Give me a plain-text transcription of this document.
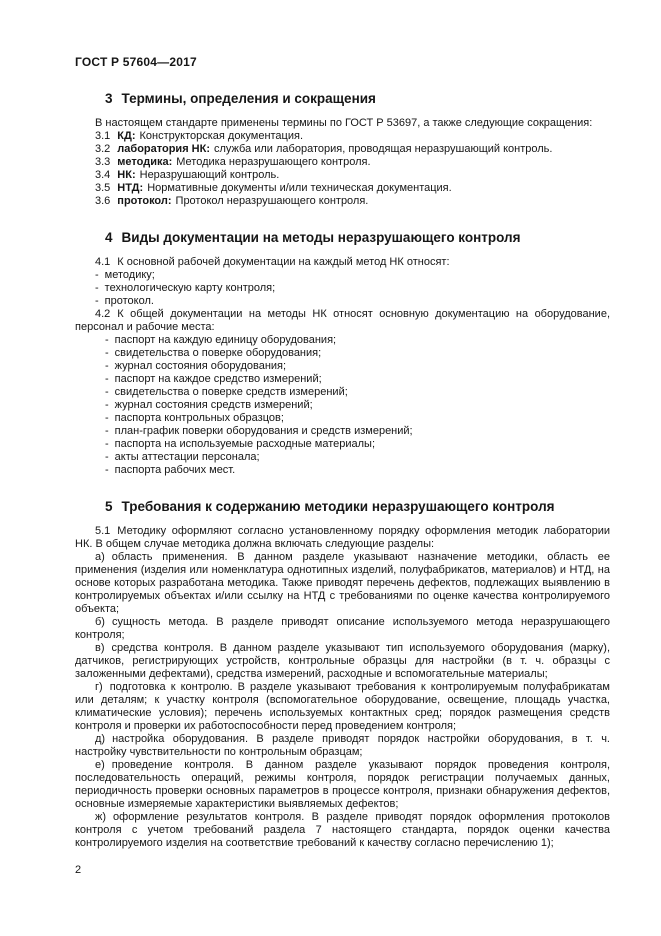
ГОСТ Р 57604—2017
3 Термины, определения и сокращения

В настоящем стандарте применены термины по ГОСТ Р 53697, а также следующие сокращения:

3.1 КД: Конструкторская документация.

3.2 лаборатория НК: служба или лаборатория, проводящая неразрушающий контроль.

3.3 методика: Методика неразрушающего контроля.

3.4 НК: Неразрушающий контроль.

3.5 НТД: Нормативные документы и/или техническая документация.

3.6 протокол: Протокол неразрушающего контроля.

4 Виды документации на методы неразрушающего контроля

4.1 К основной рабочей документации на каждый метод НК относят:

- методику;

- технологическую карту контроля;

- протокол.

4.2 К общей документации на методы НК относят основную документацию на оборудование, персонал и рабочие места:

- паспорт на каждую единицу оборудования;

- свидетельства о поверке оборудования;

- журнал состояния оборудования;

- паспорт на каждое средство измерений;

- свидетельства о поверке средств измерений;

- журнал состояния средств измерений;

- паспорта контрольных образцов;

- план-график поверки оборудования и средств измерений;

- паспорта на используемые расходные материалы;

- акты аттестации персонала;

- паспорта рабочих мест.

5 Требования к содержанию методики неразрушающего контроля

5.1 Методику оформляют согласно установленному порядку оформления методик лаборатории НК. В общем случае методика должна включать следующие разделы:

а) область применения. В данном разделе указывают назначение методики, область ее применения (изделия или номенклатура однотипных изделий, полуфабрикатов, материалов) и НТД, на основе которых разработана методика. Также приводят перечень дефектов, подлежащих выявлению в контролируемых объектах и/или ссылку на НТД с требованиями по оценке качества контролируемого объекта;

б) сущность метода. В разделе приводят описание используемого метода неразрушающего контроля;

в) средства контроля. В данном разделе указывают тип используемого оборудования (марку), датчиков, регистрирующих устройств, контрольные образцы для настройки (в т. ч. образцы с заложенными дефектами), средства измерений, расходные и вспомогательные материалы;

г) подготовка к контролю. В разделе указывают требования к контролируемым полуфабрикатам или деталям; к участку контроля (вспомогательное оборудование, освещение, площадь участка, климатические условия); перечень используемых контактных сред; порядок размещения средств контроля и проверки их работоспособности перед проведением контроля;

д) настройка оборудования. В разделе приводят порядок настройки оборудования, в т. ч. настройку чувствительности по контрольным образцам;

е) проведение контроля. В данном разделе указывают порядок проведения контроля, последовательность операций, режимы контроля, порядок регистрации получаемых данных, периодичность проверки основных параметров в процессе контроля, признаки обнаружения дефектов, основные измеряемые характеристики выявляемых дефектов;

ж) оформление результатов контроля. В разделе приводят порядок оформления протоколов контроля с учетом требований раздела 7 настоящего стандарта, порядок оценки качества контролируемого изделия на соответствие требований к качеству согласно перечислению 1);

2
